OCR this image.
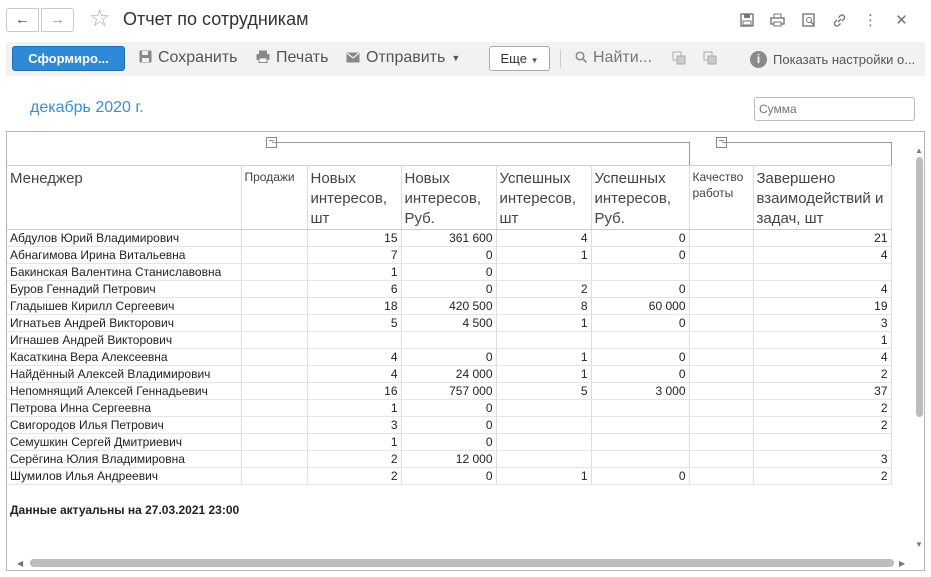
←	→	☆ Отчет по сотрудникам	⋮	✕
Сформиро...	Сохранить Печать Отправить ▼	Еще ▼	Найти...	i Показать настройки о...
декабрь 2020 г.
Сумма
−	−
Менеджер	Продажи	Новых интересов, шт	Новых интересов, Руб.	Успешных интересов, шт	Успешных интересов, Руб.	Качество работы	Завершено взаимодействий и задач, шт
Абдулов Юрий Владимирович		15	361 600	4	0		21
Абнагимова Ирина Витальевна		7	0	1	0		4
Бакинская Валентина Станиславовна		1	0				
Буров Геннадий Петрович		6	0	2	0		4
Гладышев Кирилл Сергеевич		18	420 500	8	60 000		19
Игнатьев Андрей Викторович		5	4 500	1	0		3
Игнашев Андрей Викторович							1
Касаткина Вера Алексеевна		4	0	1	0		4
Найдённый Алексей Владимирович		4	24 000	1	0		2
Непомнящий Алексей Геннадьевич		16	757 000	5	3 000		37
Петрова Инна Сергеевна		1	0				2
Свигородов Илья Петрович		3	0				2
Семушкин Сергей Дмитриевич		1	0				
Серёгина Юлия Владимировна		2	12 000				3
Шумилов Илья Андреевич		2	0	1	0		2
Данные актуальны на 27.03.2021 23:00
▲
▼
◀	▶
